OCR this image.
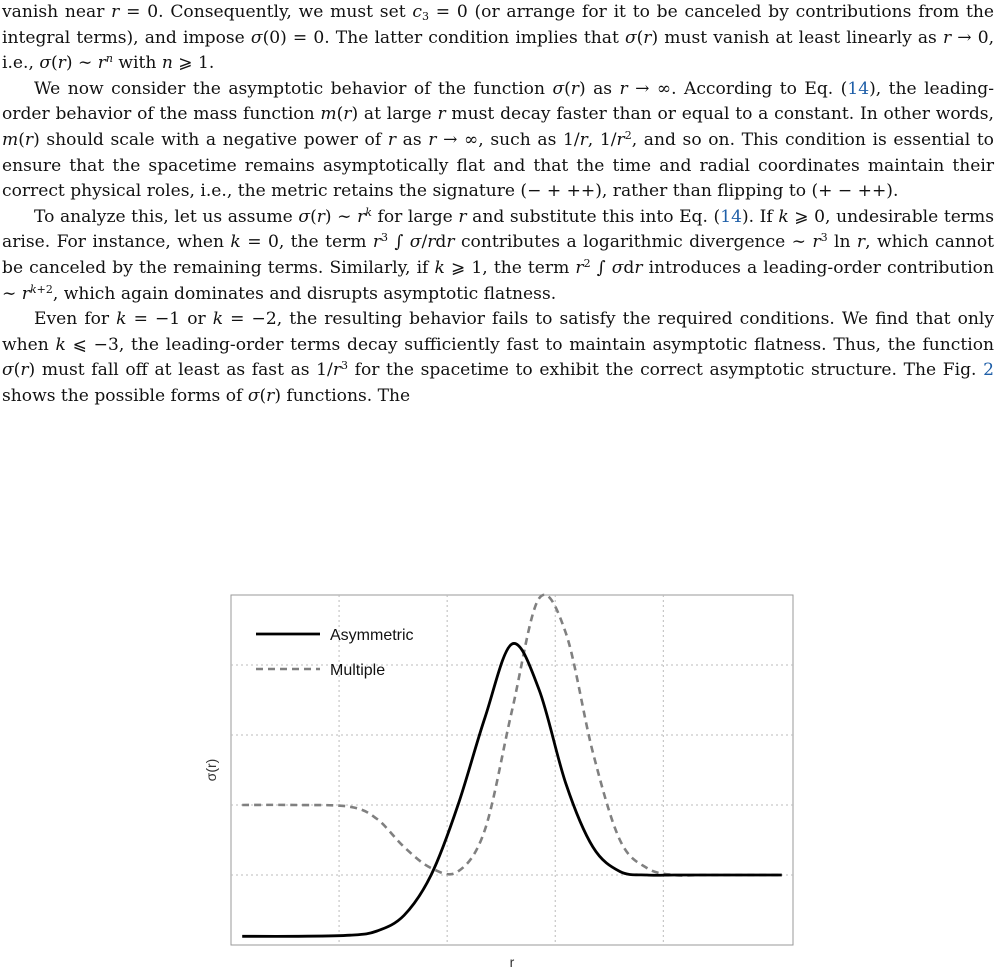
vanish near r = 0. Consequently, we must set $c_3 = 0$ (or arrange for it to be canceled by contributions from the integral terms), and impose σ(0) = 0. The latter condition implies that σ(r) must vanish at least linearly as r → 0, i.e., σ(r) ∼ $r^n$ with n ⩾ 1.

We now consider the asymptotic behavior of the function σ(r) as r → ∞. According to Eq. (14), the leading-order behavior of the mass function m(r) at large r must decay faster than or equal to a constant. In other words, m(r) should scale with a negative power of r as r → ∞, such as 1/r, $1/r^2$, and so on. This condition is essential to ensure that the spacetime remains asymptotically flat and that the time and radial coordinates maintain their correct physical roles, i.e., the metric retains the signature (− + ++), rather than flipping to (+ − ++).

To analyze this, let us assume σ(r) ∼ $r^k$ for large r and substitute this into Eq. (14). If k ⩾ 0, undesirable terms arise. For instance, when k = 0, the term $r^3$ ∫ σ/rdr contributes a logarithmic divergence ∼ $r^3$ ln r, which cannot be canceled by the remaining terms. Similarly, if k ⩾ 1, the term $r^2$ ∫ σdr introduces a leading-order contribution ∼ $r^{k+2}$, which again dominates and disrupts asymptotic flatness.

Even for k = −1 or k = −2, the resulting behavior fails to satisfy the required conditions. We find that only when k ⩽ −3, the leading-order terms decay sufficiently fast to maintain asymptotic flatness. Thus, the function σ(r) must fall off at least as fast as $1/r^3$ for the spacetime to exhibit the correct asymptotic structure. The Fig. 2 shows the possible forms of σ(r) functions. The

Asymmetric
Multiple
σ(r)
r
